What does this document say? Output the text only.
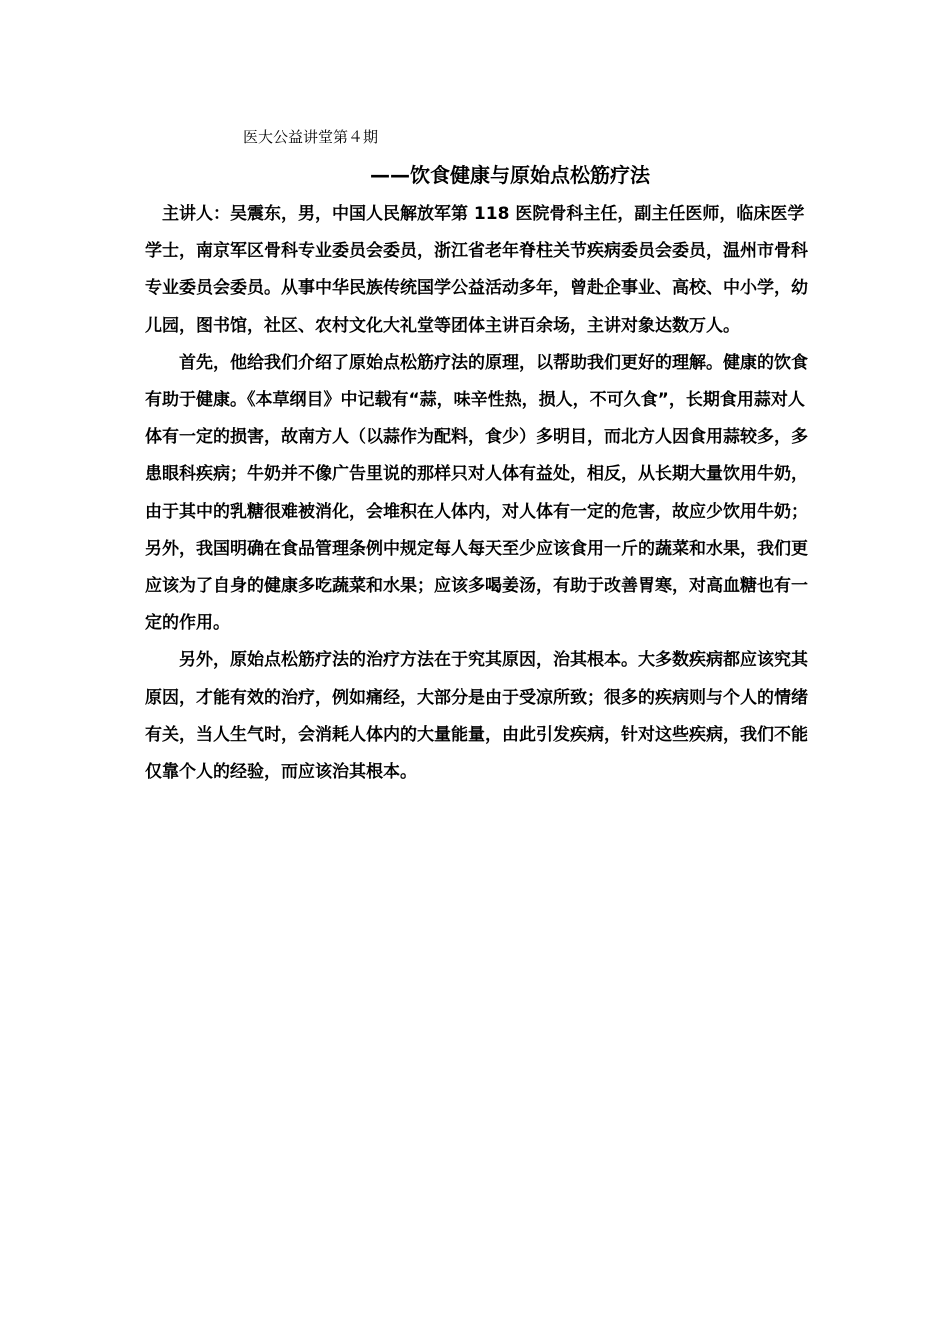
医大公益讲堂第４期
——饮食健康与原始点松筋疗法

主讲人：吴震东，男，中国人民解放军第 118 医院骨科主任，副主任医师，临床医学学士，南京军区骨科专业委员会委员，浙江省老年脊柱关节疾病委员会委员，温州市骨科专业委员会委员。从事中华民族传统国学公益活动多年，曾赴企事业、高校、中小学，幼儿园，图书馆，社区、农村文化大礼堂等团体主讲百余场，主讲对象达数万人。

首先，他给我们介绍了原始点松筋疗法的原理，以帮助我们更好的理解。健康的饮食有助于健康。《本草纲目》中记载有“蒜，味辛性热，损人，不可久食”，长期食用蒜对人体有一定的损害，故南方人（以蒜作为配料，食少）多明目，而北方人因食用蒜较多，多患眼科疾病；牛奶并不像广告里说的那样只对人体有益处，相反，从长期大量饮用牛奶，由于其中的乳糖很难被消化，会堆积在人体内，对人体有一定的危害，故应少饮用牛奶；另外，我国明确在食品管理条例中规定每人每天至少应该食用一斤的蔬菜和水果，我们更应该为了自身的健康多吃蔬菜和水果；应该多喝姜汤，有助于改善胃寒，对高血糖也有一定的作用。

另外，原始点松筋疗法的治疗方法在于究其原因，治其根本。大多数疾病都应该究其原因，才能有效的治疗，例如痛经，大部分是由于受凉所致；很多的疾病则与个人的情绪有关，当人生气时，会消耗人体内的大量能量，由此引发疾病，针对这些疾病，我们不能仅靠个人的经验，而应该治其根本。
